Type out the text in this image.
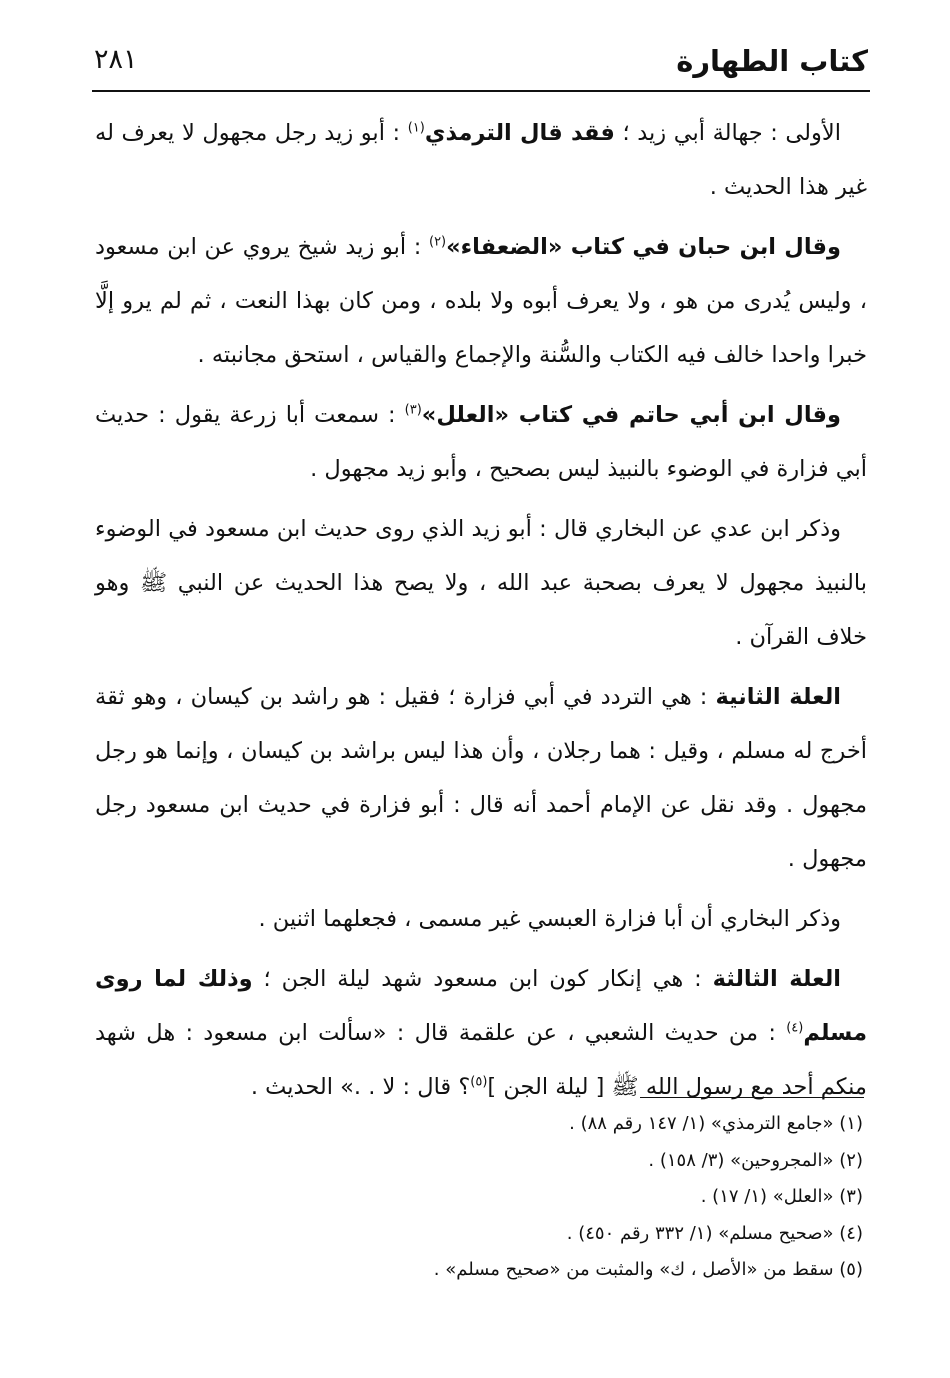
كتاب الطهارة
٢٨١

الأولى : جهالة أبي زيد ؛ فقد قال الترمذي$^{(١)}$ : أبو زيد رجل مجهول لا يعرف له غير هذا الحديث .

وقال ابن حبان في كتاب «الضعفاء»$^{(٢)}$ : أبو زيد شيخ يروي عن ابن مسعود ، وليس يُدرى من هو ، ولا يعرف أبوه ولا بلده ، ومن كان بهذا النعت ، ثم لم يرو إلَّا خبرا واحدا خالف فيه الكتاب والسُّنة والإجماع والقياس ، استحق مجانبته .

وقال ابن أبي حاتم في كتاب «العلل»$^{(٣)}$ : سمعت أبا زرعة يقول : حديث أبي فزارة في الوضوء بالنبيذ ليس بصحيح ، وأبو زيد مجهول .

وذكر ابن عدي عن البخاري قال : أبو زيد الذي روى حديث ابن مسعود في الوضوء بالنبيذ مجهول لا يعرف بصحبة عبد الله ، ولا يصح هذا الحديث عن النبي ﷺ وهو خلاف القرآن .

العلة الثانية : هي التردد في أبي فزارة ؛ فقيل : هو راشد بن كيسان ، وهو ثقة أخرج له مسلم ، وقيل : هما رجلان ، وأن هذا ليس براشد بن كيسان ، وإنما هو رجل مجهول . وقد نقل عن الإمام أحمد أنه قال : أبو فزارة في حديث ابن مسعود رجل مجهول .

وذكر البخاري أن أبا فزارة العبسي غير مسمى ، فجعلهما اثنين .

العلة الثالثة : هي إنكار كون ابن مسعود شهد ليلة الجن ؛ وذلك لما روى مسلم$^{(٤)}$ : من حديث الشعبي ، عن علقمة قال : «سألت ابن مسعود : هل شهد منكم أحد مع رسول الله ﷺ [ ليلة الجن ]$^{(٥)}$؟ قال : لا . .» الحديث .

(١) «جامع الترمذي» (١/ ١٤٧ رقم ٨٨) .

(٢) «المجروحين» (٣/ ١٥٨) .

(٣) «العلل» (١/ ١٧) .

(٤) «صحيح مسلم» (١/ ٣٣٢ رقم ٤٥٠) .

(٥) سقط من «الأصل ، ك» والمثبت من «صحيح مسلم» .
